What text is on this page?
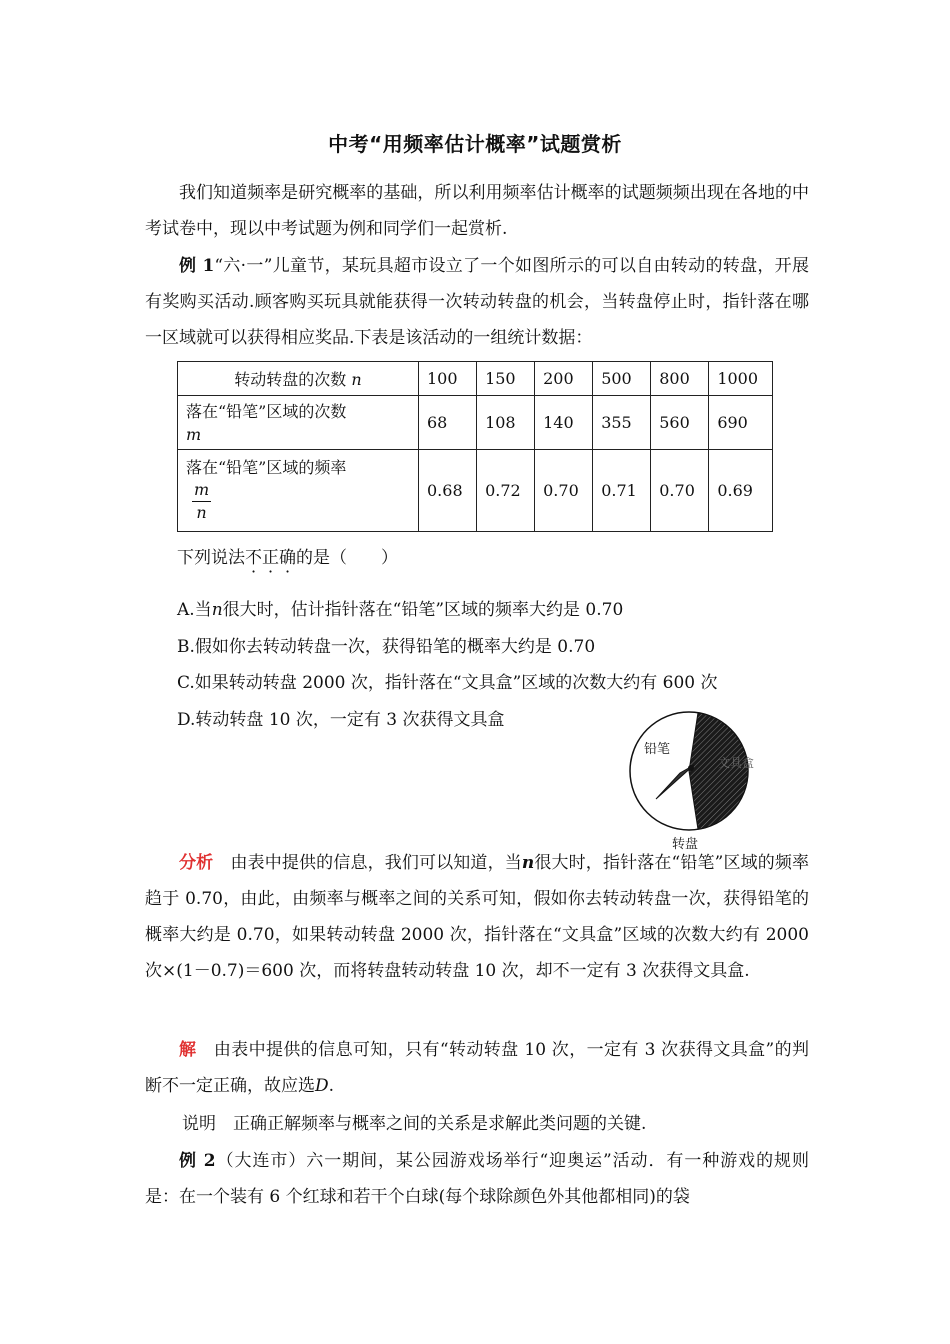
中考“用频率估计概率”试题赏析
我们知道频率是研究概率的基础，所以利用频率估计概率的试题频频出现在各地的中考试卷中，现以中考试题为例和同学们一起赏析.
例 1“六·一”儿童节，某玩具超市设立了一个如图所示的可以自由转动的转盘，开展有奖购买活动.顾客购买玩具就能获得一次转动转盘的机会，当转盘停止时，指针落在哪一区域就可以获得相应奖品.下表是该活动的一组统计数据：
转动转盘的次数 n	100	150	200	500	800	1000
落在“铅笔”区域的次数
m	68	108	140	355	560	690
落在“铅笔”区域的频率

$\frac{m}{n}$	0.68	0.72	0.70	0.71	0.70	0.69
下列说法不正确的是（　　）
A.当n很大时，估计指针落在“铅笔”区域的频率大约是 0.70
B.假如你去转动转盘一次，获得铅笔的概率大约是 0.70
C.如果转动转盘 2000 次，指针落在“文具盒”区域的次数大约有 600 次
D.转动转盘 10 次，一定有 3 次获得文具盒
铅笔
文具盒
转盘
分析　 由表中提供的信息，我们可以知道，当n很大时，指针落在“铅笔”区域的频率趋于 0.70，由此，由频率与概率之间的关系可知，假如你去转动转盘一次，获得铅笔的概率大约是 0.70，如果转动转盘 2000 次，指针落在“文具盒”区域的次数大约有 2000 次×(1－0.7)＝600 次，而将转盘转动转盘 10 次，却不一定有 3 次获得文具盒.
解　 由表中提供的信息可知，只有“转动转盘 10 次，一定有 3 次获得文具盒”的判断不一定正确，故应选D.
说明　 正确正解频率与概率之间的关系是求解此类问题的关键.
例 2（大连市）六一期间，某公园游戏场举行“迎奥运”活动．有一种游戏的规则是：在一个装有 6 个红球和若干个白球(每个球除颜色外其他都相同)的袋
